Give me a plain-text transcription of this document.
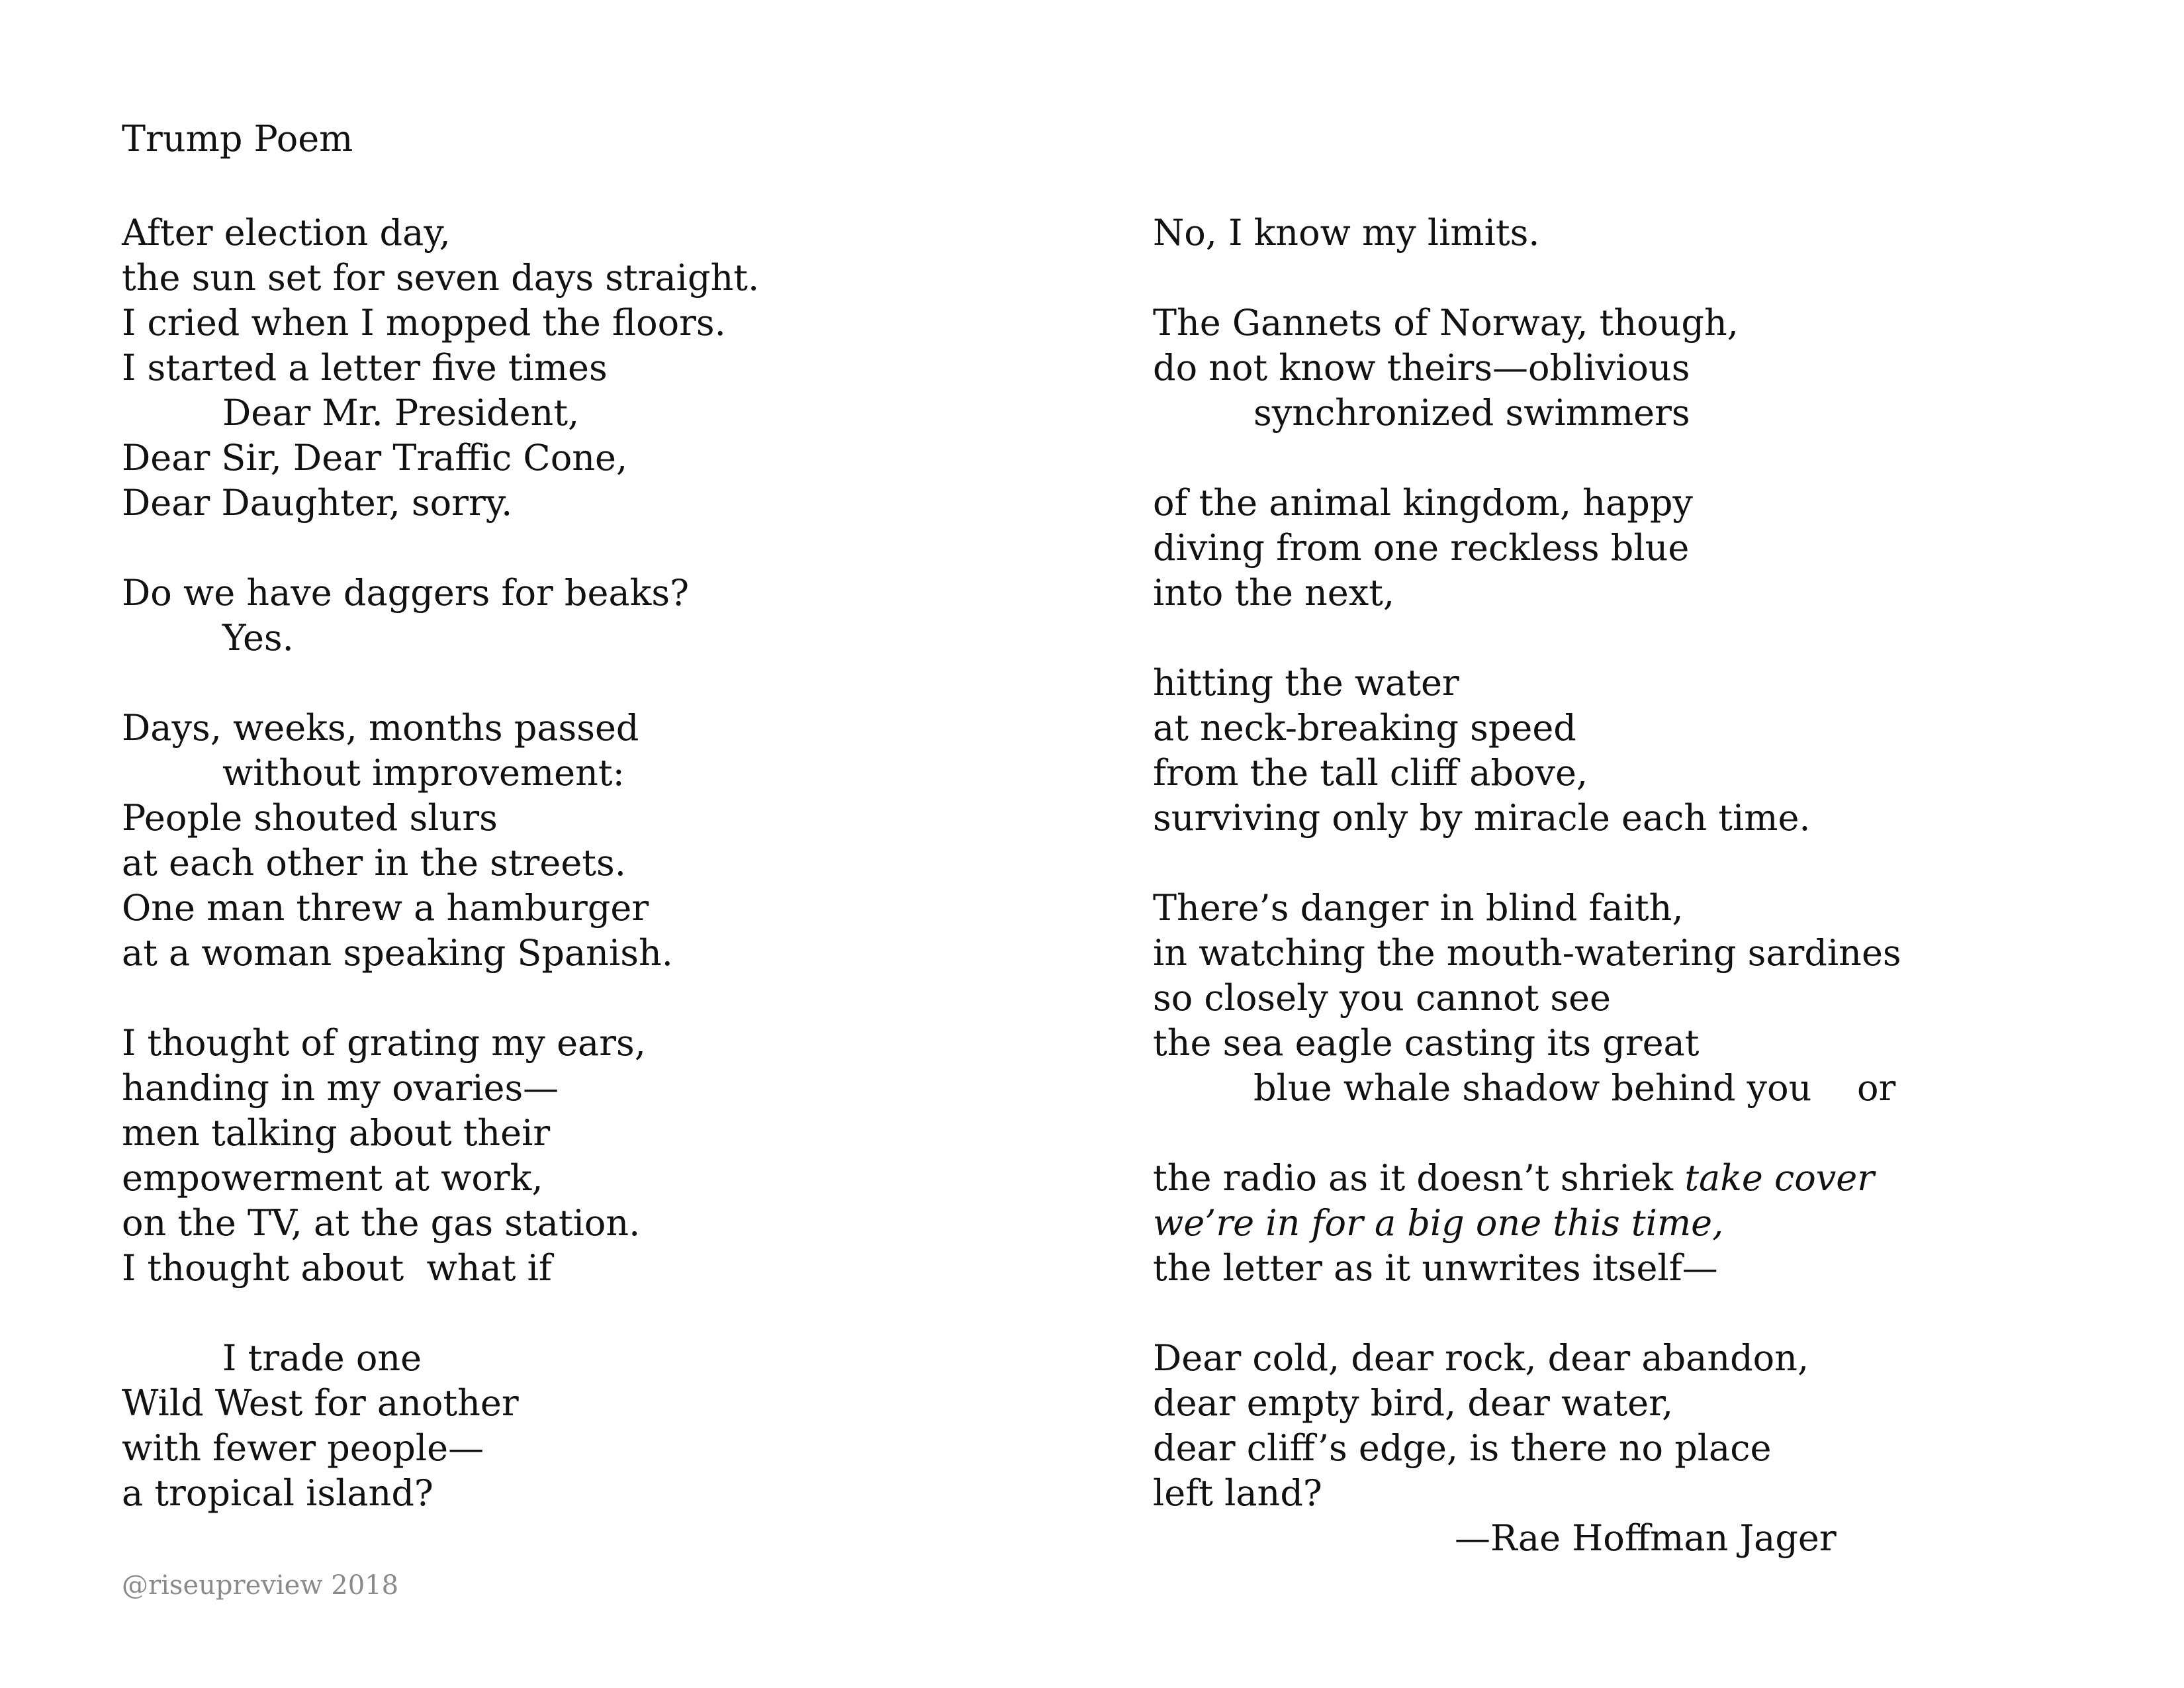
Trump Poem
After election day,
the sun set for seven days straight.
I cried when I mopped the floors.
I started a letter five times
Dear Mr. President,
Dear Sir, Dear Traffic Cone,
Dear Daughter, sorry.
Do we have daggers for beaks?
Yes.
Days, weeks, months passed
without improvement:
People shouted slurs
at each other in the streets.
One man threw a hamburger
at a woman speaking Spanish.
I thought of grating my ears,
handing in my ovaries—
men talking about their
empowerment at work,
on the TV, at the gas station.
I thought about  what if
I trade one
Wild West for another
with fewer people—
a tropical island?
No, I know my limits.
The Gannets of Norway, though,
do not know theirs—oblivious
synchronized swimmers
of the animal kingdom, happy
diving from one reckless blue
into the next,
hitting the water
at neck-breaking speed
from the tall cliff above,
surviving only by miracle each time.
There’s danger in blind faith,
in watching the mouth-watering sardines
so closely you cannot see
the sea eagle casting its great
blue whale shadow behind you    or
the radio as it doesn’t shriek take cover
we’re in for a big one this time,
the letter as it unwrites itself—
Dear cold, dear rock, dear abandon,
dear empty bird, dear water,
dear cliff’s edge, is there no place
left land?
—Rae Hoffman Jager
@riseupreview 2018
